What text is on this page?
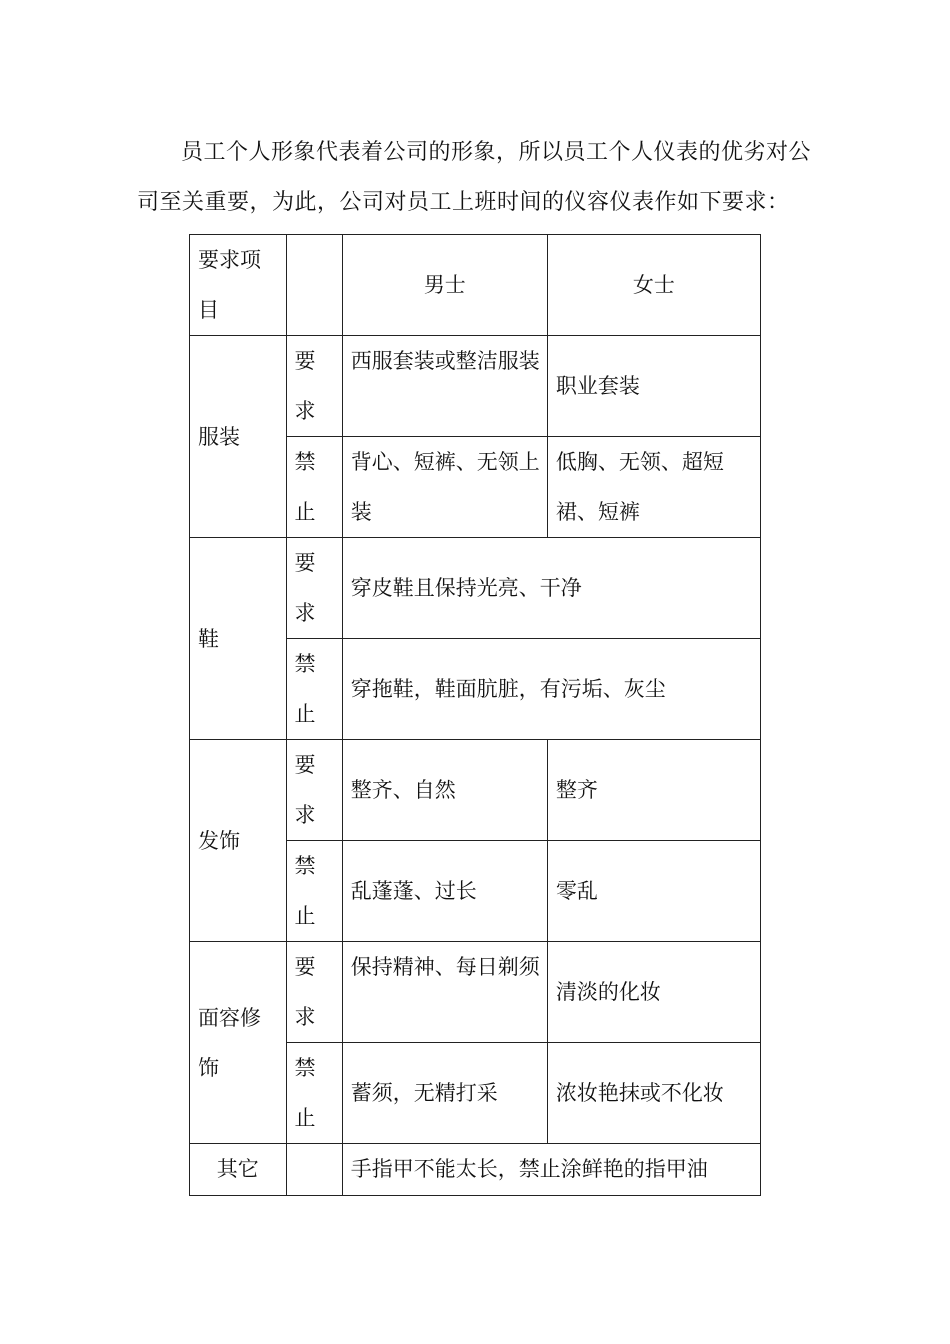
员工个人形象代表着公司的形象，所以员工个人仪表的优劣对公司至关重要，为此，公司对员工上班时间的仪容仪表作如下要求：

要求项目		男士	女士
服装	要求	西服套装或整洁服装	职业套装
	禁止	背心、短裤、无领上装	低胸、无领、超短裙、短裤
鞋	要求	穿皮鞋且保持光亮、干净	
	禁止	穿拖鞋，鞋面肮脏，有污垢、灰尘	
发饰	要求	整齐、自然	整齐
	禁止	乱蓬蓬、过长	零乱
面容修饰	要求	保持精神、每日剃须	清淡的化妆
	禁止	蓄须，无精打采	浓妆艳抹或不化妆
其它		手指甲不能太长，禁止涂鲜艳的指甲油	
